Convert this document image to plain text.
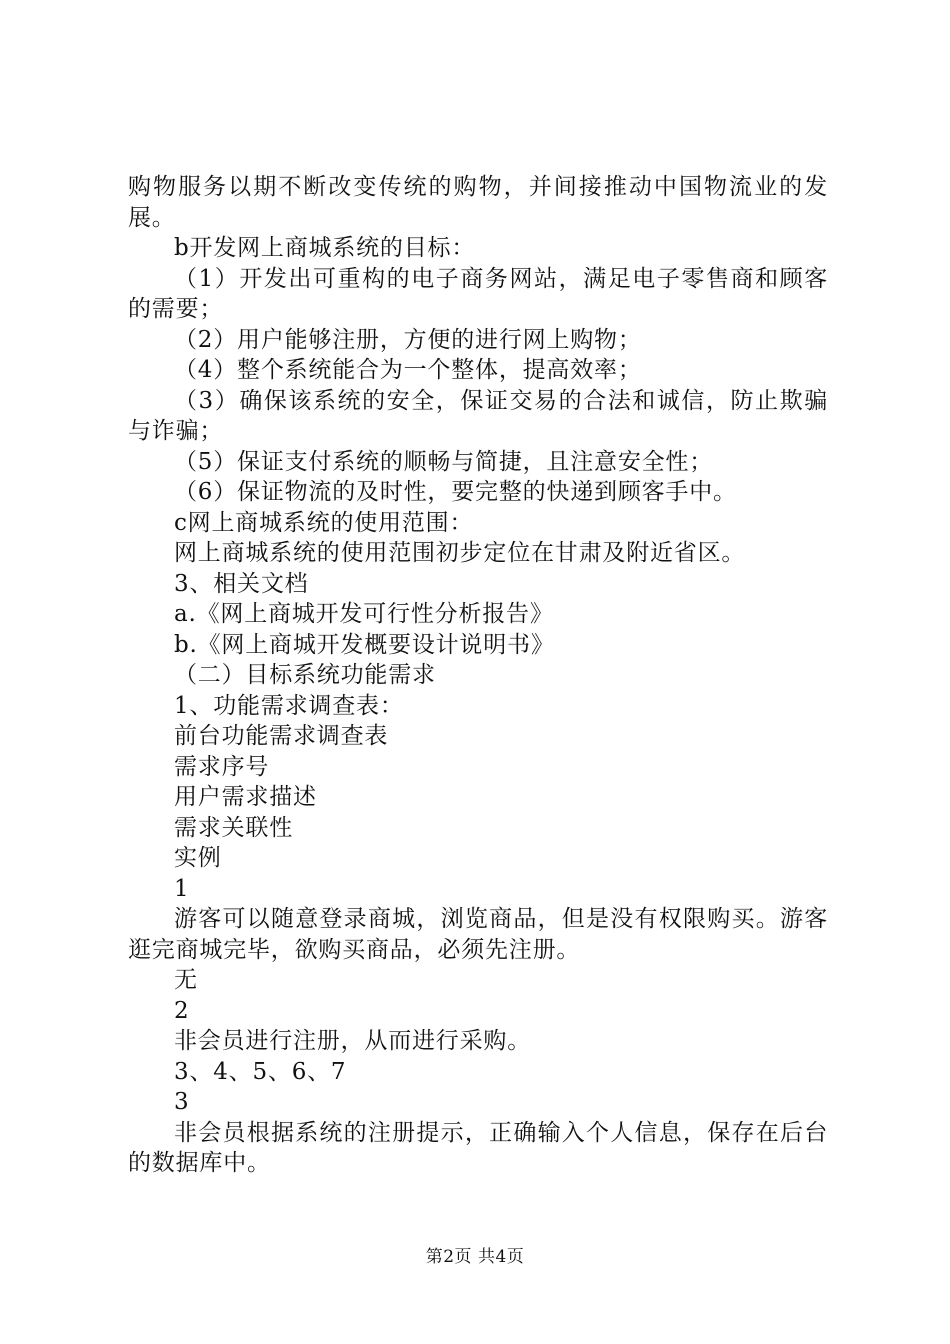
购物服务以期不断改变传统的购物，并间接推动中国物流业的发展。

b开发网上商城系统的目标：

（1）开发出可重构的电子商务网站，满足电子零售商和顾客的需要；

（2）用户能够注册，方便的进行网上购物；

（4）整个系统能合为一个整体，提高效率；

（3）确保该系统的安全，保证交易的合法和诚信，防止欺骗与诈骗；

（5）保证支付系统的顺畅与简捷，且注意安全性；

（6）保证物流的及时性，要完整的快递到顾客手中。

c网上商城系统的使用范围：

网上商城系统的使用范围初步定位在甘肃及附近省区。

3、相关文档

a.《网上商城开发可行性分析报告》

b.《网上商城开发概要设计说明书》

（二）目标系统功能需求

1、功能需求调查表：

前台功能需求调查表

需求序号

用户需求描述

需求关联性

实例

1

游客可以随意登录商城，浏览商品，但是没有权限购买。游客逛完商城完毕，欲购买商品，必须先注册。

无

2

非会员进行注册，从而进行采购。

3、4、5、6、7

3

非会员根据系统的注册提示，正确输入个人信息，保存在后台的数据库中。

第2页 共4页
